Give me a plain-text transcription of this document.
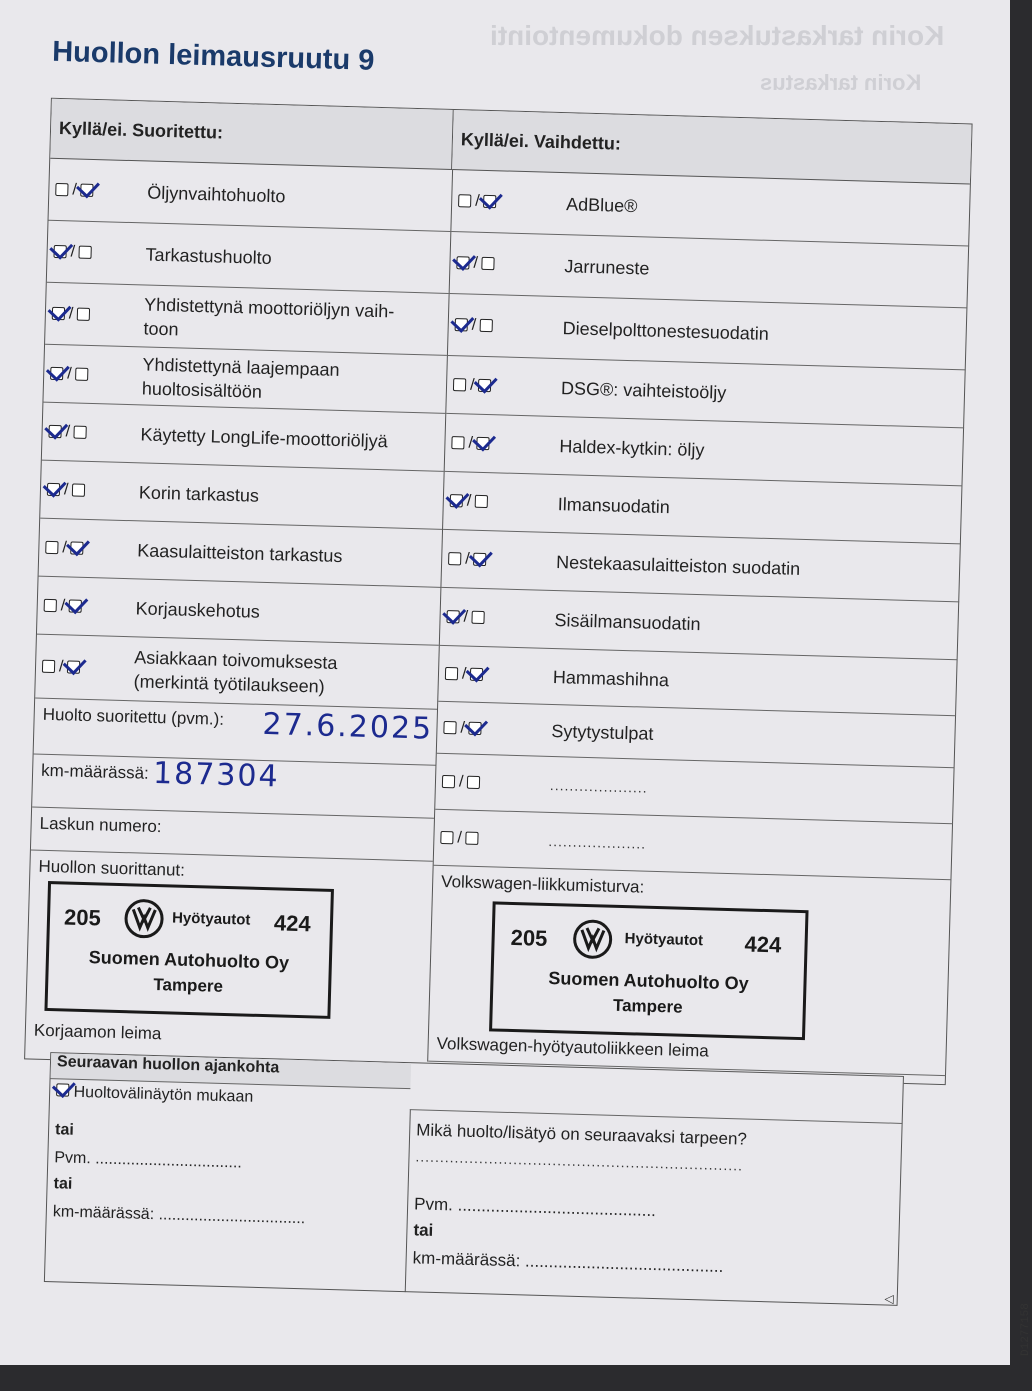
Korin tarkastuksen dokumentointi
Korin tarkastus
Huollon leimausruutu 9
Kyllä/ei. Suoritettu:	Kyllä/ei. Vaihdettu:
/	Öljynvaihtohuolto
/	Tarkastushuolto
/	Yhdistettynä moottoriöljyn vaih-
toon
/	Yhdistettynä laajempaan
huoltosisältöön
/	Käytetty LongLife-moottoriöljyä
/	Korin tarkastus
/	Kaasulaitteiston tarkastus
/	Korjauskehotus
/	Asiakkaan toivomuksesta
(merkintä työtilaukseen)
Huolto suoritettu (pvm.): 27.6.2025
km-määrässä: 187304
Laskun numero:
Huollon suorittanut:
205	Hyötyautot 424
Suomen Autohuolto Oy
Tampere
Korjaamon leima
/	AdBlue®
/	Jarruneste
/	Dieselpolttonestesuodatin
/	DSG®: vaihteistoöljy
/	Haldex-kytkin: öljy
/	Ilmansuodatin
/	Nestekaasulaitteiston suodatin
/	Sisäilmansuodatin
/	Hammashihna
/	Sytytystulpat
/	....................
/	....................
Volkswagen-liikkumisturva:
205	Hyötyautot 424
Suomen Autohuolto Oy
Tampere
Volkswagen-hyötyautoliikkeen leima
Seuraavan huollon ajankohta
Huoltovälinäytön mukaan
tai
Pvm. .................................
tai
km-määrässä: .................................
Mikä huolto/lisätyö on seuraavaksi tarpeen?
...................................................................
Pvm. ..........................................
tai
km-määrässä: ..........................................
◁
D1277158
